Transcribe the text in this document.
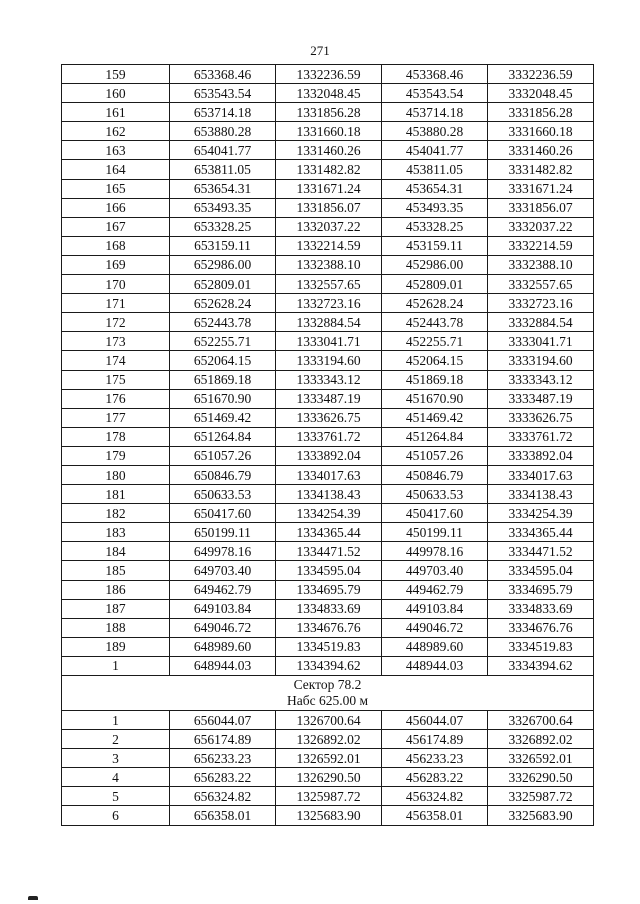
271
159	653368.46	1332236.59	453368.46	3332236.59
160	653543.54	1332048.45	453543.54	3332048.45
161	653714.18	1331856.28	453714.18	3331856.28
162	653880.28	1331660.18	453880.28	3331660.18
163	654041.77	1331460.26	454041.77	3331460.26
164	653811.05	1331482.82	453811.05	3331482.82
165	653654.31	1331671.24	453654.31	3331671.24
166	653493.35	1331856.07	453493.35	3331856.07
167	653328.25	1332037.22	453328.25	3332037.22
168	653159.11	1332214.59	453159.11	3332214.59
169	652986.00	1332388.10	452986.00	3332388.10
170	652809.01	1332557.65	452809.01	3332557.65
171	652628.24	1332723.16	452628.24	3332723.16
172	652443.78	1332884.54	452443.78	3332884.54
173	652255.71	1333041.71	452255.71	3333041.71
174	652064.15	1333194.60	452064.15	3333194.60
175	651869.18	1333343.12	451869.18	3333343.12
176	651670.90	1333487.19	451670.90	3333487.19
177	651469.42	1333626.75	451469.42	3333626.75
178	651264.84	1333761.72	451264.84	3333761.72
179	651057.26	1333892.04	451057.26	3333892.04
180	650846.79	1334017.63	450846.79	3334017.63
181	650633.53	1334138.43	450633.53	3334138.43
182	650417.60	1334254.39	450417.60	3334254.39
183	650199.11	1334365.44	450199.11	3334365.44
184	649978.16	1334471.52	449978.16	3334471.52
185	649703.40	1334595.04	449703.40	3334595.04
186	649462.79	1334695.79	449462.79	3334695.79
187	649103.84	1334833.69	449103.84	3334833.69
188	649046.72	1334676.76	449046.72	3334676.76
189	648989.60	1334519.83	448989.60	3334519.83
1	648944.03	1334394.62	448944.03	3334394.62

Сектор 78.2
Набс 625.00 м				

1	656044.07	1326700.64	456044.07	3326700.64
2	656174.89	1326892.02	456174.89	3326892.02
3	656233.23	1326592.01	456233.23	3326592.01
4	656283.22	1326290.50	456283.22	3326290.50
5	656324.82	1325987.72	456324.82	3325987.72
6	656358.01	1325683.90	456358.01	3325683.90
